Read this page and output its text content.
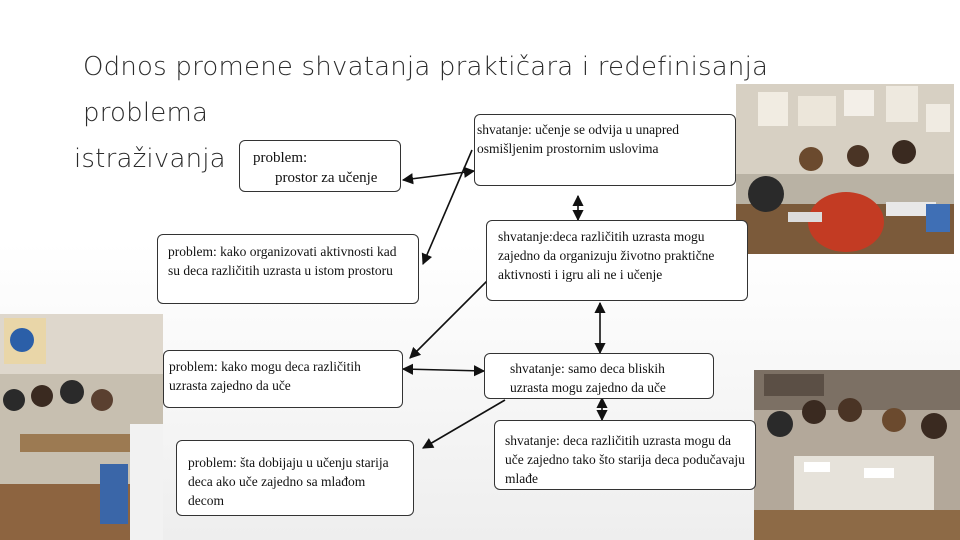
Odnos promene shvatanja praktičara i redefinisanja problema
istraživanja	problem:
prostor za učenje
problem: kako organizovati aktivnosti kad su deca različitih uzrasta u istom prostoru
problem: kako mogu deca različitih uzrasta zajedno da uče
problem: šta dobijaju u učenju starija deca ako uče zajedno sa mlađom decom
shvatanje: učenje se odvija u unapred osmišljenim prostornim uslovima
shvatanje:deca različitih uzrasta mogu zajedno da organizuju životno praktične aktivnosti i igru ali ne i učenje
shvatanje: samo deca bliskih uzrasta mogu zajedno da uče
shvatanje: deca različitih uzrasta mogu da uče zajedno tako što starija deca podučavaju mlađe
